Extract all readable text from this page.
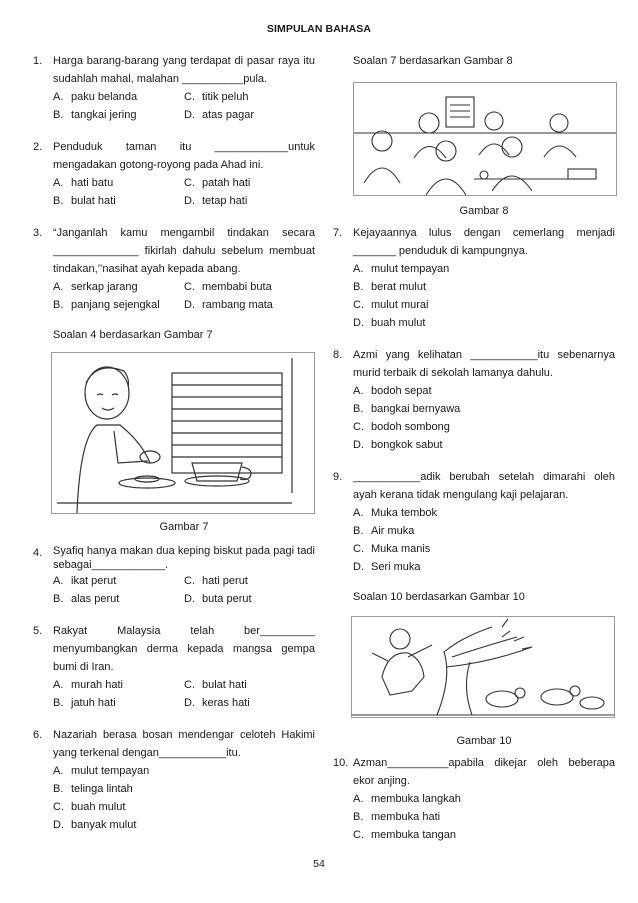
SIMPULAN BAHASA
1. Harga barang-barang yang terdapat di pasar raya itu sudahlah mahal, malahan __________pula.
A. paku belanda	C. titik peluh
B. tangkai jering	D. atas pagar
2. Penduduk taman itu ____________untuk mengadakan gotong-royong pada Ahad ini.
A. hati batu	C. patah hati
B. bulat hati	D. tetap hati
3. “Janganlah kamu mengambil tindakan secara ______________ fikirlah dahulu sebelum membuat tindakan,’’nasihat ayah kepada abang.
A. serkap jarang	C. membabi buta
B. panjang sejengkal	D. rambang mata
Soalan 4 berdasarkan Gambar 7
Gambar 7
4. Syafiq hanya makan dua keping biskut pada pagi tadi sebagai____________.
A. ikat perut	C. hati perut
B. alas perut	D. buta perut
5. Rakyat Malaysia telah ber_________ menyumbangkan derma kepada mangsa gempa bumi di Iran.
A. murah hati	C. bulat hati
B. jatuh hati	D. keras hati
6. Nazariah berasa bosan mendengar celoteh Hakimi yang terkenal dengan___________itu.
A. mulut tempayan
B. telinga lintah
C. buah mulut
D. banyak mulut
Soalan 7 berdasarkan Gambar 8
Gambar 8
7. Kejayaannya lulus dengan cemerlang menjadi _______ penduduk di kampungnya.
A. mulut tempayan
B. berat mulut
C. mulut murai
D. buah mulut
8. Azmi yang kelihatan ___________itu sebenarnya murid terbaik di sekolah lamanya dahulu.
A. bodoh sepat
B. bangkai bernyawa
C. bodoh sombong
D. bongkok sabut
9. ___________adik berubah setelah dimarahi oleh ayah kerana tidak mengulang kaji pelajaran.
A. Muka tembok
B. Air muka
C. Muka manis
D. Seri muka
Soalan 10 berdasarkan Gambar 10
Gambar 10
10. Azman__________apabila dikejar oleh beberapa ekor anjing.
A. membuka langkah
B. membuka hati
C. membuka tangan
54
